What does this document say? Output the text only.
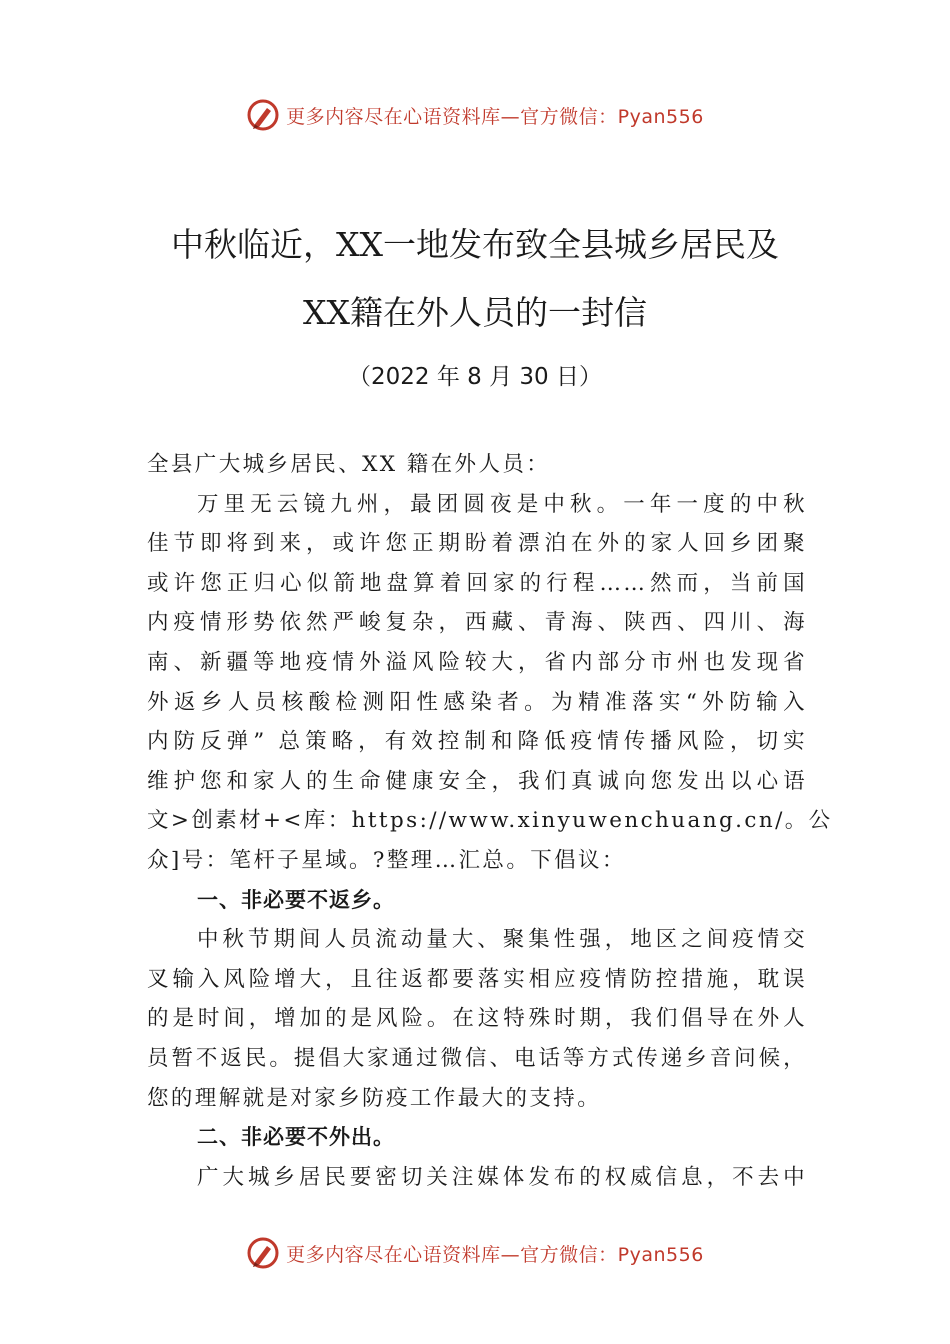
更多内容尽在心语资料库—官方微信：Pyan556
中秋临近，XX一地发布致全县城乡居民及
XX籍在外人员的一封信
（2022 年 8 月 30 日）
全县广大城乡居民、XX 籍在外人员：
万里无云镜九州，最团圆夜是中秋。一年一度的中秋
佳节即将到来，或许您正期盼着漂泊在外的家人回乡团聚
或许您正归心似箭地盘算着回家的行程……然而，当前国
内疫情形势依然严峻复杂，西藏、青海、陕西、四川、海
南、新疆等地疫情外溢风险较大，省内部分市州也发现省
外返乡人员核酸检测阳性感染者。为精准落实“外防输入
内防反弹” 总策略，有效控制和降低疫情传播风险，切实
维护您和家人的生命健康安全，我们真诚向您发出以心语
文>创素材+<库：https://www.xinyuwenchuang.cn/。公
众]号：笔杆子星域。?整理…汇总。下倡议：
一、非必要不返乡。
中秋节期间人员流动量大、聚集性强，地区之间疫情交
叉输入风险增大，且往返都要落实相应疫情防控措施，耽误
的是时间，增加的是风险。在这特殊时期，我们倡导在外人
员暂不返民。提倡大家通过微信、电话等方式传递乡音问候，
您的理解就是对家乡防疫工作最大的支持。
二、非必要不外出。
广大城乡居民要密切关注媒体发布的权威信息，不去中
更多内容尽在心语资料库—官方微信：Pyan556
